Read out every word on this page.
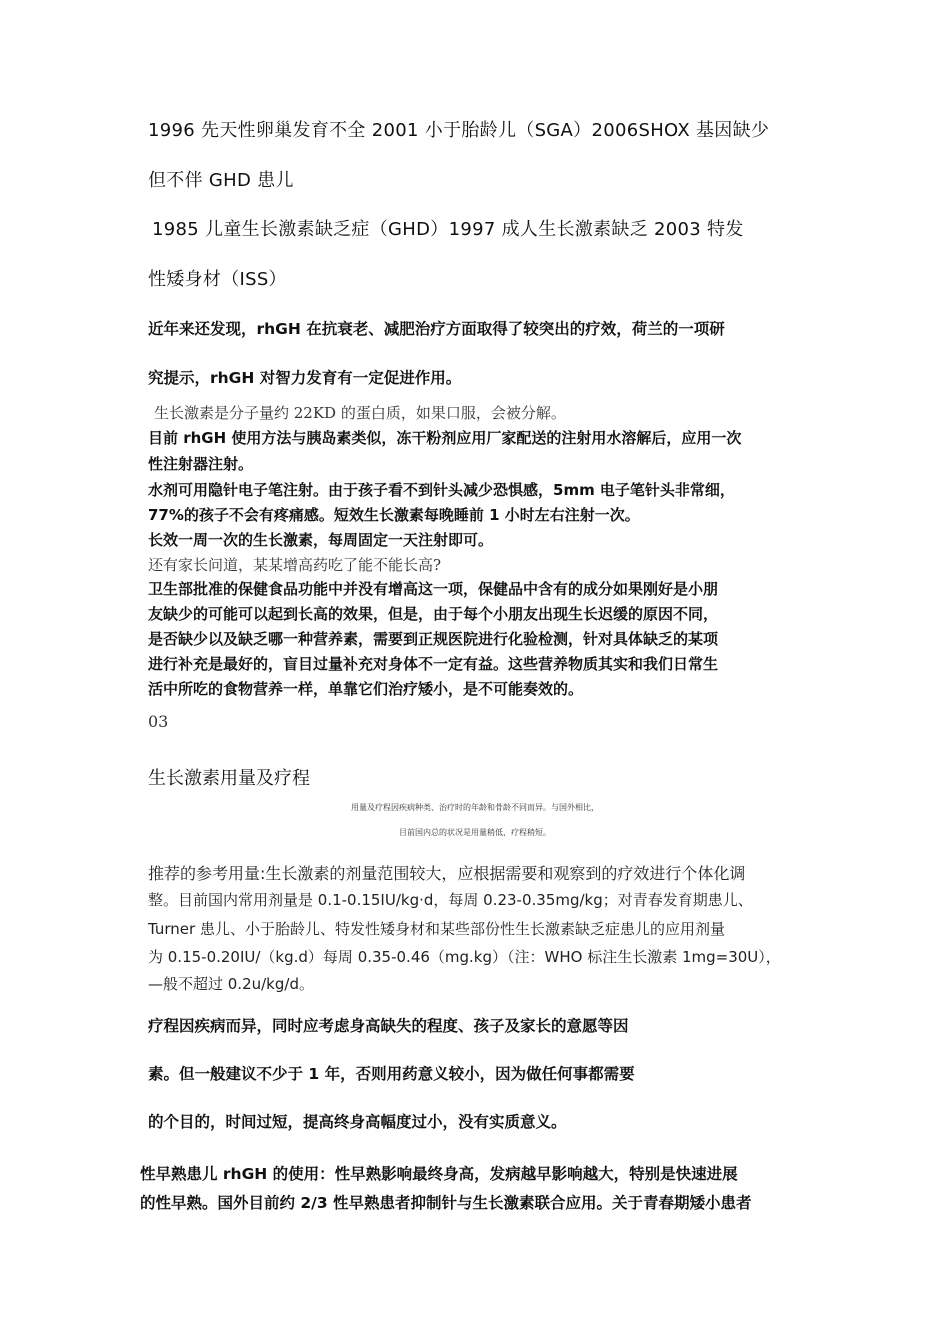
1996 先天性卵巢发育不全 2001 小于胎龄儿（SGA）2006SHOX 基因缺少
但不伴 GHD 患儿
1985 儿童生长激素缺乏症（GHD）1997 成人生长激素缺乏 2003 特发
性矮身材（ISS）
近年来还发现，rhGH 在抗衰老、减肥治疗方面取得了较突出的疗效，荷兰的一项研
究提示，rhGH 对智力发育有一定促进作用。
生长激素是分子量约 22KD 的蛋白质，如果口服，会被分解。
目前 rhGH 使用方法与胰岛素类似，冻干粉剂应用厂家配送的注射用水溶解后，应用一次
性注射器注射。
水剂可用隐针电子笔注射。由于孩子看不到针头减少恐惧感，5mm 电子笔针头非常细，
77%的孩子不会有疼痛感。短效生长激素每晚睡前 1 小时左右注射一次。
长效一周一次的生长激素，每周固定一天注射即可。
还有家长问道，某某增高药吃了能不能长高?
卫生部批准的保健食品功能中并没有增高这一项，保健品中含有的成分如果刚好是小朋
友缺少的可能可以起到长高的效果，但是，由于每个小朋友出现生长迟缓的原因不同，
是否缺少以及缺乏哪一种营养素，需要到正规医院进行化验检测，针对具体缺乏的某项
进行补充是最好的，盲目过量补充对身体不一定有益。这些营养物质其实和我们日常生
活中所吃的食物营养一样，单靠它们治疗矮小，是不可能奏效的。
03
生长激素用量及疗程
用量及疗程因疾病种类、治疗时的年龄和骨龄不同而异。与国外相比，
目前国内总的状况是用量稍低，疗程稍短。
推荐的参考用量:生长激素的剂量范围较大，应根据需要和观察到的疗效进行个体化调
整。目前国内常用剂量是 0.1-0.15IU/kg·d，每周 0.23-0.35mg/kg；对青春发育期患儿、
Turner 患儿、小于胎龄儿、特发性矮身材和某些部份性生长激素缺乏症患儿的应用剂量
为 0.15-0.20IU/（kg.d）每周 0.35-0.46（mg.kg）（注：WHO 标注生长激素 1mg=30U），
—般不超过 0.2u/kg/d。
疗程因疾病而异，同时应考虑身高缺失的程度、孩子及家长的意愿等因
素。但一般建议不少于 1 年，否则用药意义较小，因为做任何事都需要
的个目的，时间过短，提高终身高幅度过小，没有实质意义。
性早熟患儿 rhGH 的使用：性早熟影响最终身高，发病越早影响越大，特别是快速进展
的性早熟。国外目前约 2/3 性早熟患者抑制针与生长激素联合应用。关于青春期矮小患者
